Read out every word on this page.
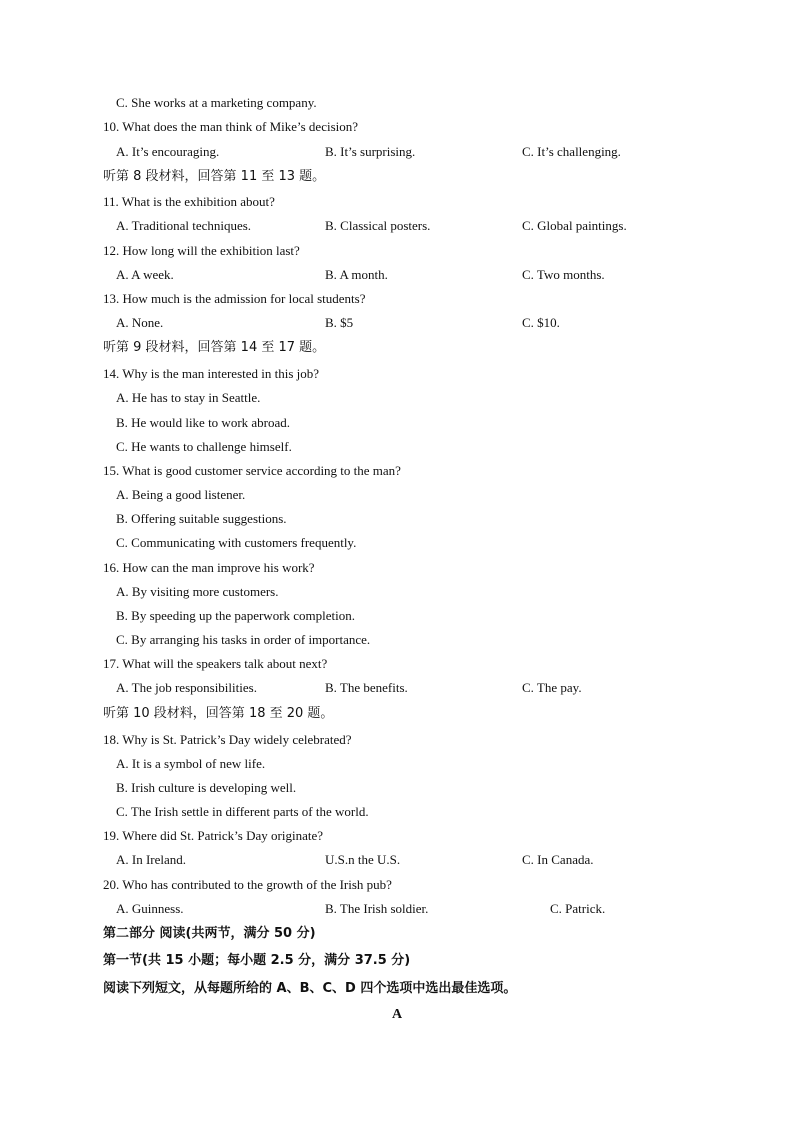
C. She works at a marketing company.
10. What does the man think of Mike’s decision?
A. It’s encouraging.	B. It’s surprising.	C. It’s challenging.
听第 8 段材料，回答第 11 至 13 题。
11. What is the exhibition about?
A. Traditional techniques.	B. Classical posters.	C. Global paintings.
12. How long will the exhibition last?
A. A week.	B. A month.	C. Two months.
13. How much is the admission for local students?
A. None.	B. $5	C. $10.
听第 9 段材料，回答第 14 至 17 题。
14. Why is the man interested in this job?
A. He has to stay in Seattle.
B. He would like to work abroad.
C. He wants to challenge himself.
15. What is good customer service according to the man?
A. Being a good listener.
B. Offering suitable suggestions.
C. Communicating with customers frequently.
16. How can the man improve his work?
A. By visiting more customers.
B. By speeding up the paperwork completion.
C. By arranging his tasks in order of importance.
17. What will the speakers talk about next?
A. The job responsibilities.	B. The benefits.	C. The pay.
听第 10 段材料，回答第 18 至 20 题。
18. Why is St. Patrick’s Day widely celebrated?
A. It is a symbol of new life.
B. Irish culture is developing well.
C. The Irish settle in different parts of the world.
19. Where did St. Patrick’s Day originate?
A. In Ireland.	U.S.n the U.S.	C. In Canada.
20. Who has contributed to the growth of the Irish pub?
A. Guinness.	B. The Irish soldier.	C. Patrick.
第二部分 阅读(共两节，满分 50 分)
第一节(共 15 小题；每小题 2.5 分，满分 37.5 分)
阅读下列短文，从每题所给的 A、B、C、D 四个选项中选出最佳选项。
A
